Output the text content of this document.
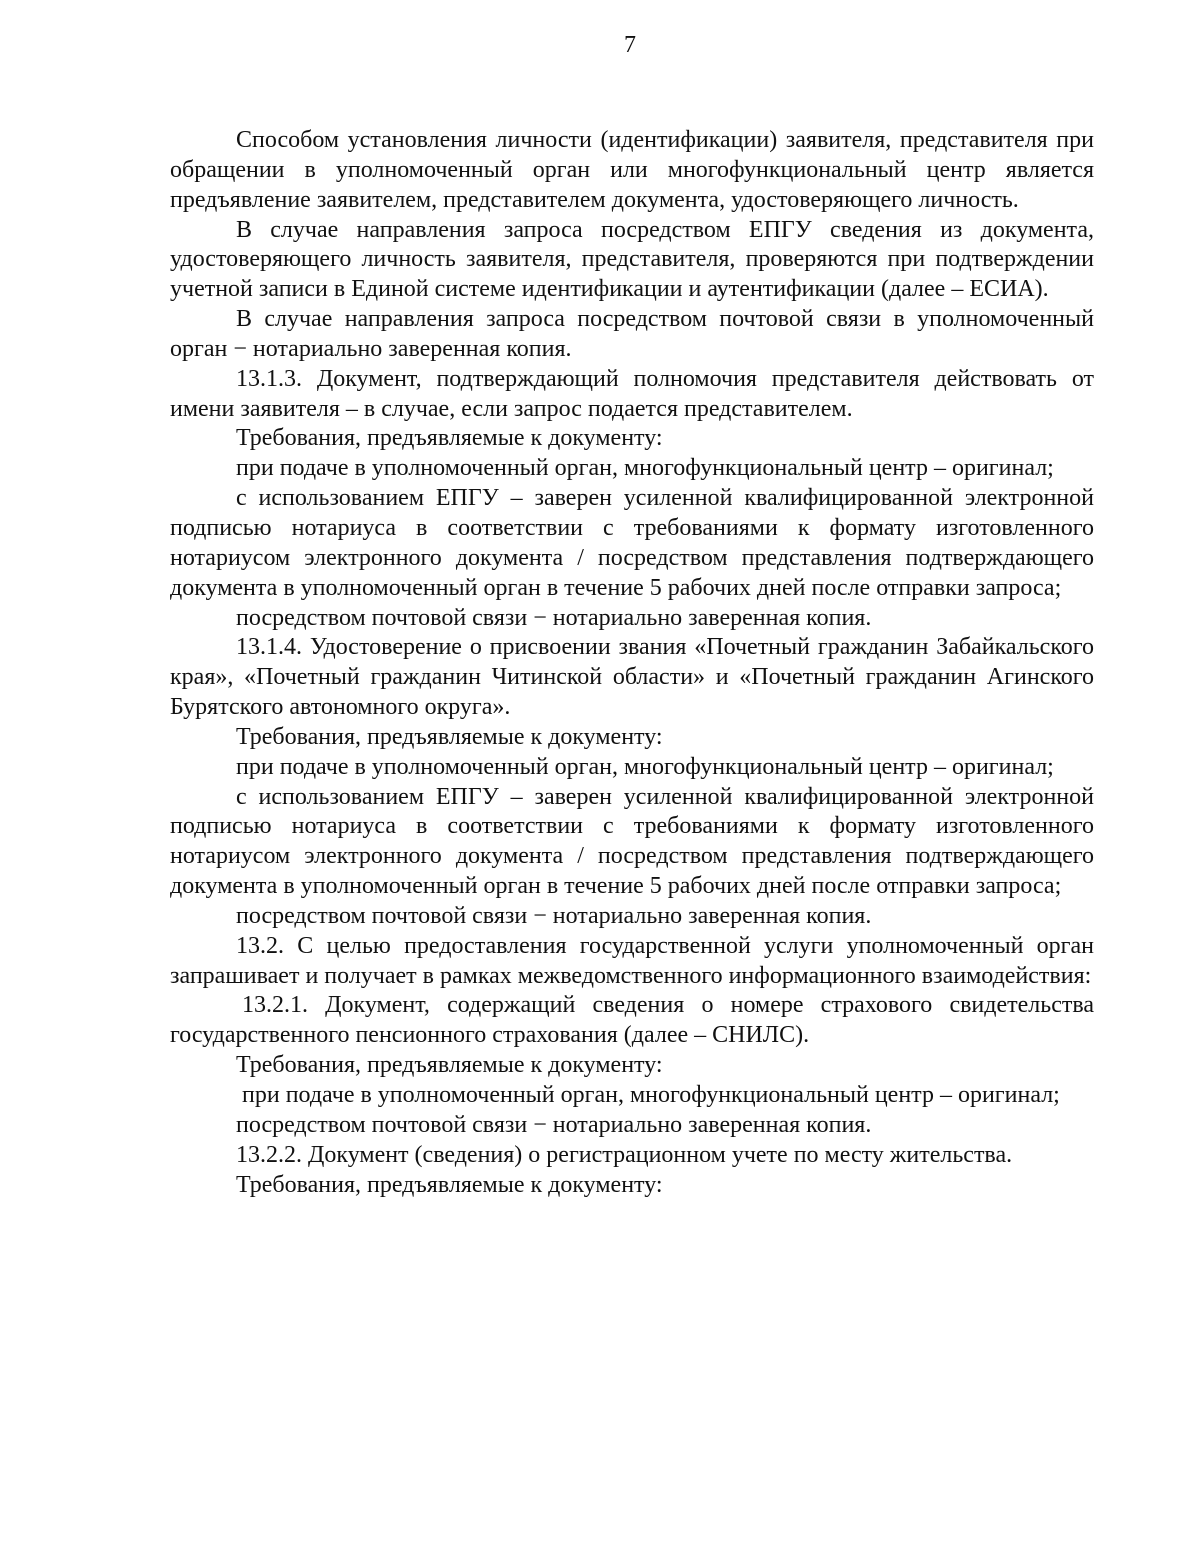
7

Способом установления личности (идентификации) заявителя, представителя при обращении в уполномоченный орган или многофункциональный центр является предъявление заявителем, представителем документа, удостоверяющего личность.

В случае направления запроса посредством ЕПГУ сведения из документа, удостоверяющего личность заявителя, представителя, проверяются при подтверждении учетной записи в Единой системе идентификации и аутентификации (далее – ЕСИА).

В случае направления запроса посредством почтовой связи в уполномоченный орган − нотариально заверенная копия.

13.1.3. Документ, подтверждающий полномочия представителя действовать от имени заявителя – в случае, если запрос подается представителем.

Требования, предъявляемые к документу:

при подаче в уполномоченный орган, многофункциональный центр – оригинал;

с использованием ЕПГУ – заверен усиленной квалифицированной электронной подписью нотариуса в соответствии с требованиями к формату изготовленного нотариусом электронного документа / посредством представления подтверждающего документа в уполномоченный орган в течение 5 рабочих дней после отправки запроса;

посредством почтовой связи − нотариально заверенная копия.

13.1.4. Удостоверение о присвоении звания «Почетный гражданин Забайкальского края», «Почетный гражданин Читинской области» и «Почетный гражданин Агинского Бурятского автономного округа».

Требования, предъявляемые к документу:

при подаче в уполномоченный орган, многофункциональный центр – оригинал;

с использованием ЕПГУ – заверен усиленной квалифицированной электронной подписью нотариуса в соответствии с требованиями к формату изготовленного нотариусом электронного документа / посредством представления подтверждающего документа в уполномоченный орган в течение 5 рабочих дней после отправки запроса;

посредством почтовой связи − нотариально заверенная копия.

13.2. С целью предоставления государственной услуги уполномоченный орган запрашивает и получает в рамках межведомственного информационного взаимодействия:

13.2.1. Документ, содержащий сведения о номере страхового свидетельства государственного пенсионного страхования (далее – СНИЛС).

Требования, предъявляемые к документу:

при подаче в уполномоченный орган, многофункциональный центр – оригинал;

посредством почтовой связи − нотариально заверенная копия.

13.2.2. Документ (сведения) о регистрационном учете по месту жительства.

Требования, предъявляемые к документу:
